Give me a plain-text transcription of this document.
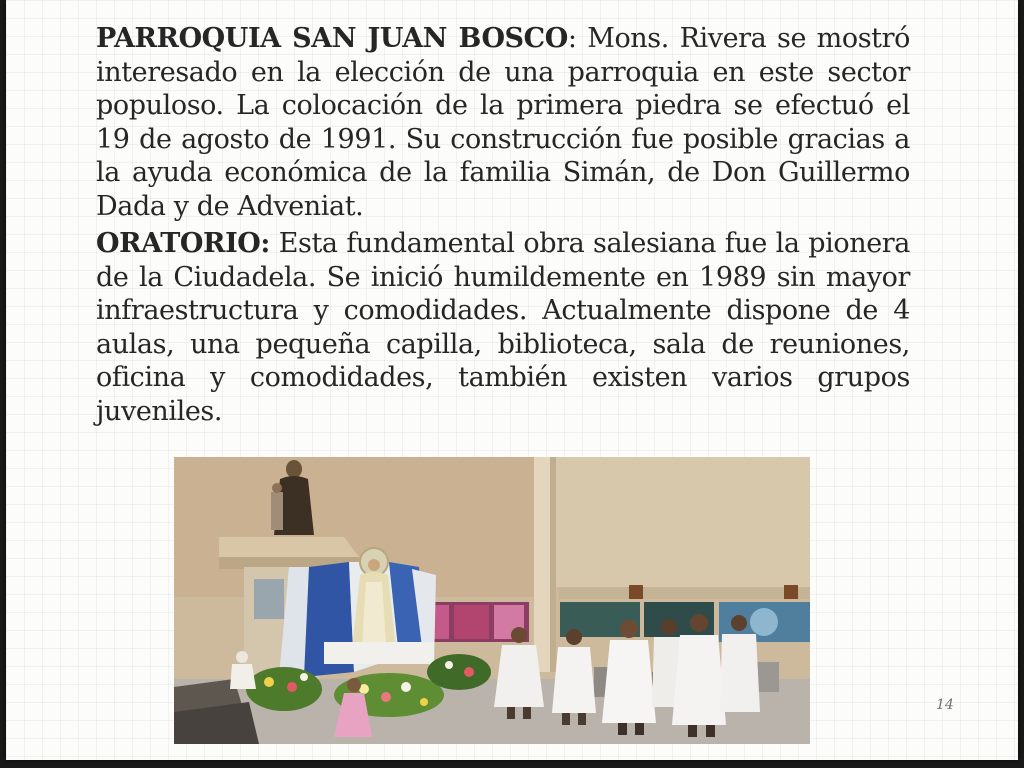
PARROQUIA SAN JUAN BOSCO: Mons. Rivera se mostró interesado en la elección de una parroquia en este sector populoso. La colocación de la primera piedra se efectuó el 19 de agosto de 1991. Su construcción fue posible gracias a la ayuda económica de la familia Simán, de Don Guillermo Dada y de Adveniat.

ORATORIO: Esta fundamental obra salesiana fue la pionera de la Ciudadela. Se inició humildemente en 1989 sin mayor infraestructura y comodidades. Actualmente dispone de 4 aulas, una pequeña capilla, biblioteca, sala de reuniones, oficina y comodidades, también existen varios grupos juveniles.

14
